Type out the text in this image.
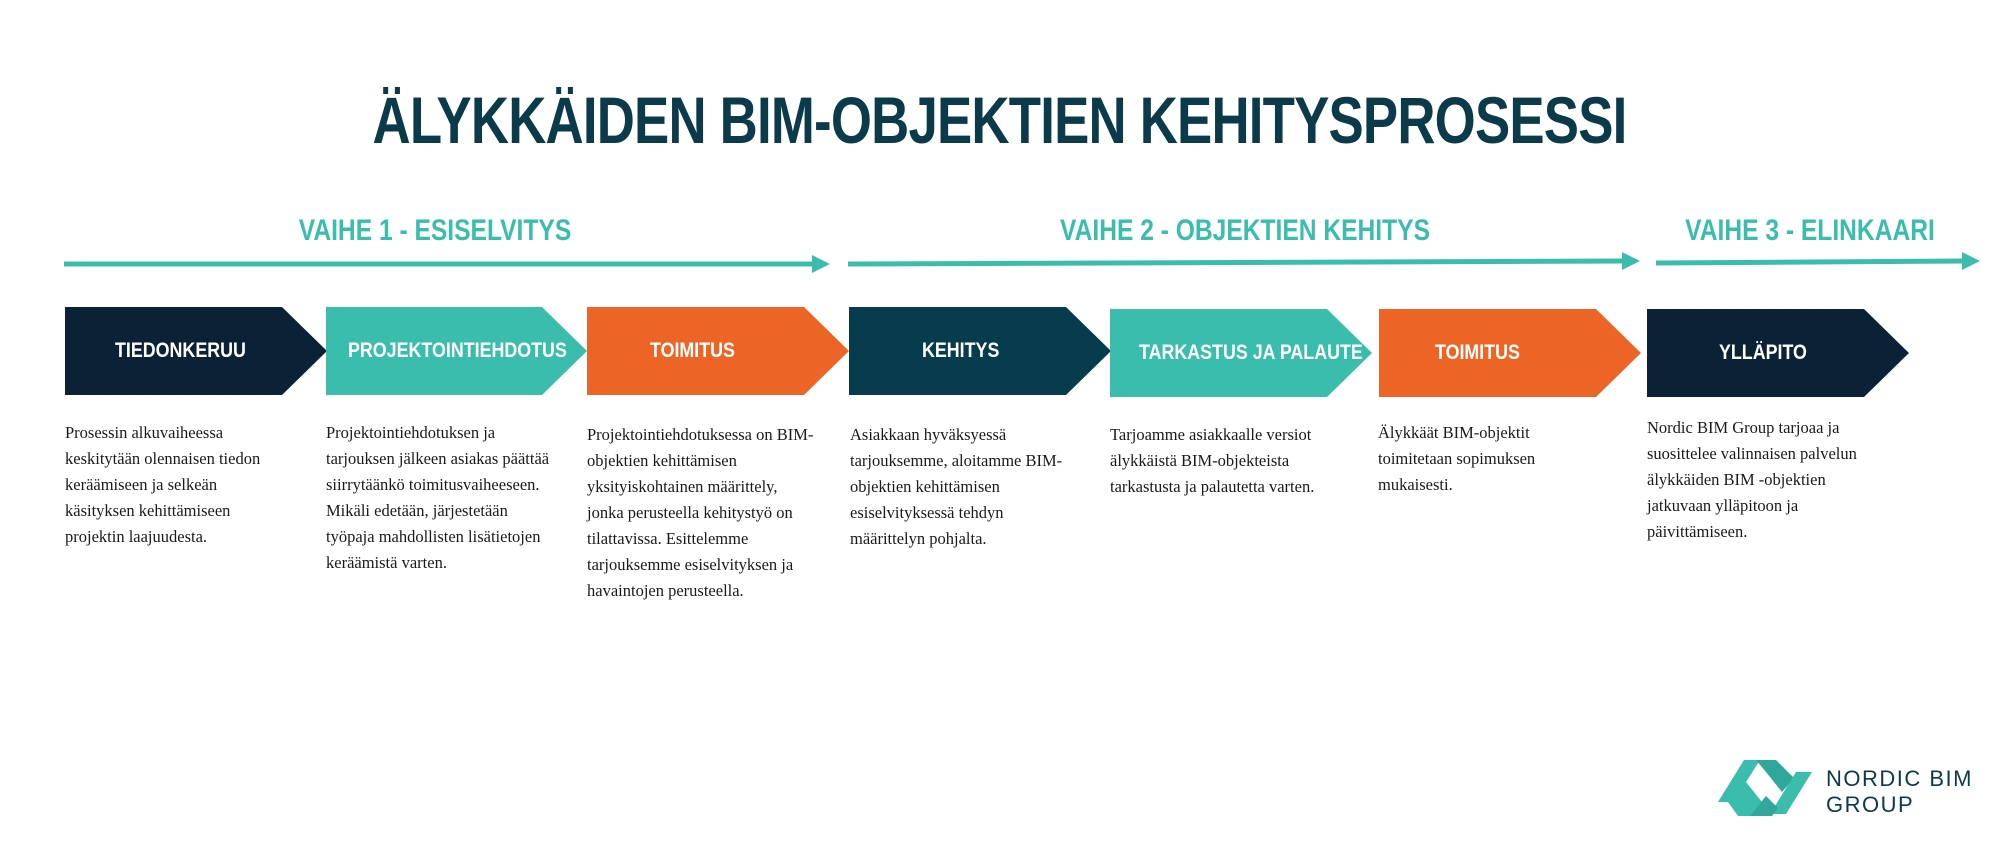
ÄLYKKÄIDEN BIM-OBJEKTIEN KEHITYSPROSESSI
VAIHE 1 - ESISELVITYS	VAIHE 2 - OBJEKTIEN KEHITYS	VAIHE 3 - ELINKAARI
TIEDONKERUU	PROJEKTOINTIEHDOTUS	TOIMITUS	KEHITYS	TARKASTUS JA PALAUTE	TOIMITUS	YLLÄPITO
Prosessin alkuvaiheessa keskitytään olennaisen tiedon keräämiseen ja selkeän käsityksen kehittämiseen projektin laajuudesta.
Projektointiehdotuksen ja tarjouksen jälkeen asiakas päättää siirrytäänkö toimitusvaiheeseen. Mikäli edetään, järjestetään työpaja mahdollisten lisätietojen keräämistä varten.
Projektointiehdotuksessa on BIM-objektien kehittämisen yksityiskohtainen määrittely, jonka perusteella kehitystyö on tilattavissa. Esittelemme tarjouksemme esiselvityksen ja havaintojen perusteella.
Asiakkaan hyväksyessä tarjouksemme, aloitamme BIM-objektien kehittämisen esiselvityksessä tehdyn määrittelyn pohjalta.
Tarjoamme asiakkaalle versiot älykkäistä BIM-objekteista tarkastusta ja palautetta varten.
Älykkäät BIM-objektit toimitetaan sopimuksen mukaisesti.
Nordic BIM Group tarjoaa ja suosittelee valinnaisen palvelun älykkäiden BIM -objektien jatkuvaan ylläpitoon ja päivittämiseen.
NORDIC BIM
GROUP
